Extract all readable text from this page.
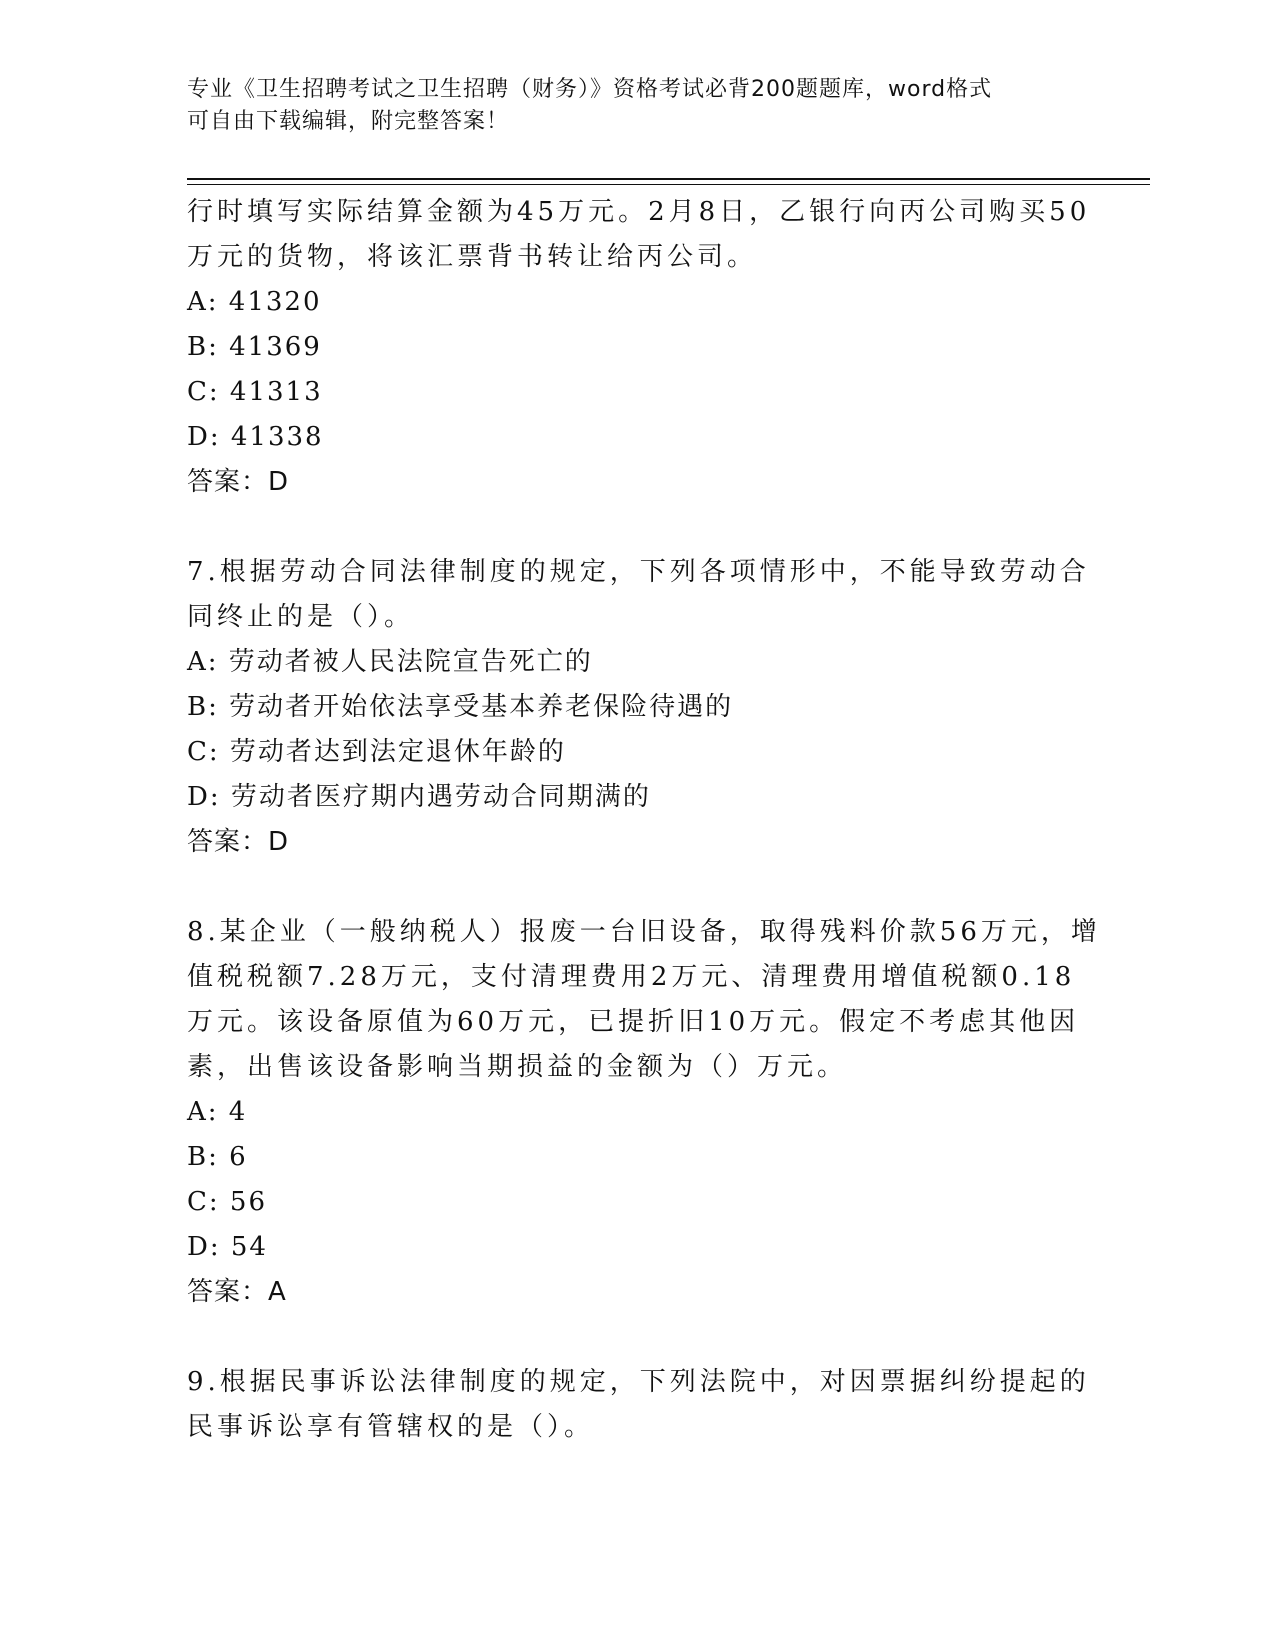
专业《卫生招聘考试之卫生招聘（财务）》资格考试必背200题题库，word格式
可自由下载编辑，附完整答案！
行时填写实际结算金额为45万元。2月8日，乙银行向丙公司购买50
万元的货物，将该汇票背书转让给丙公司。
A: 41320
B: 41369
C: 41313
D: 41338
答案：D
7.根据劳动合同法律制度的规定，下列各项情形中，不能导致劳动合
同终止的是（）。
A: 劳动者被人民法院宣告死亡的
B: 劳动者开始依法享受基本养老保险待遇的
C: 劳动者达到法定退休年龄的
D: 劳动者医疗期内遇劳动合同期满的
答案：D
8.某企业（一般纳税人）报废一台旧设备，取得残料价款56万元，增
值税税额7.28万元，支付清理费用2万元、清理费用增值税额0.18
万元。该设备原值为60万元，已提折旧10万元。假定不考虑其他因
素，出售该设备影响当期损益的金额为（）万元。
A: 4
B: 6
C: 56
D: 54
答案：A
9.根据民事诉讼法律制度的规定，下列法院中，对因票据纠纷提起的
民事诉讼享有管辖权的是（）。
